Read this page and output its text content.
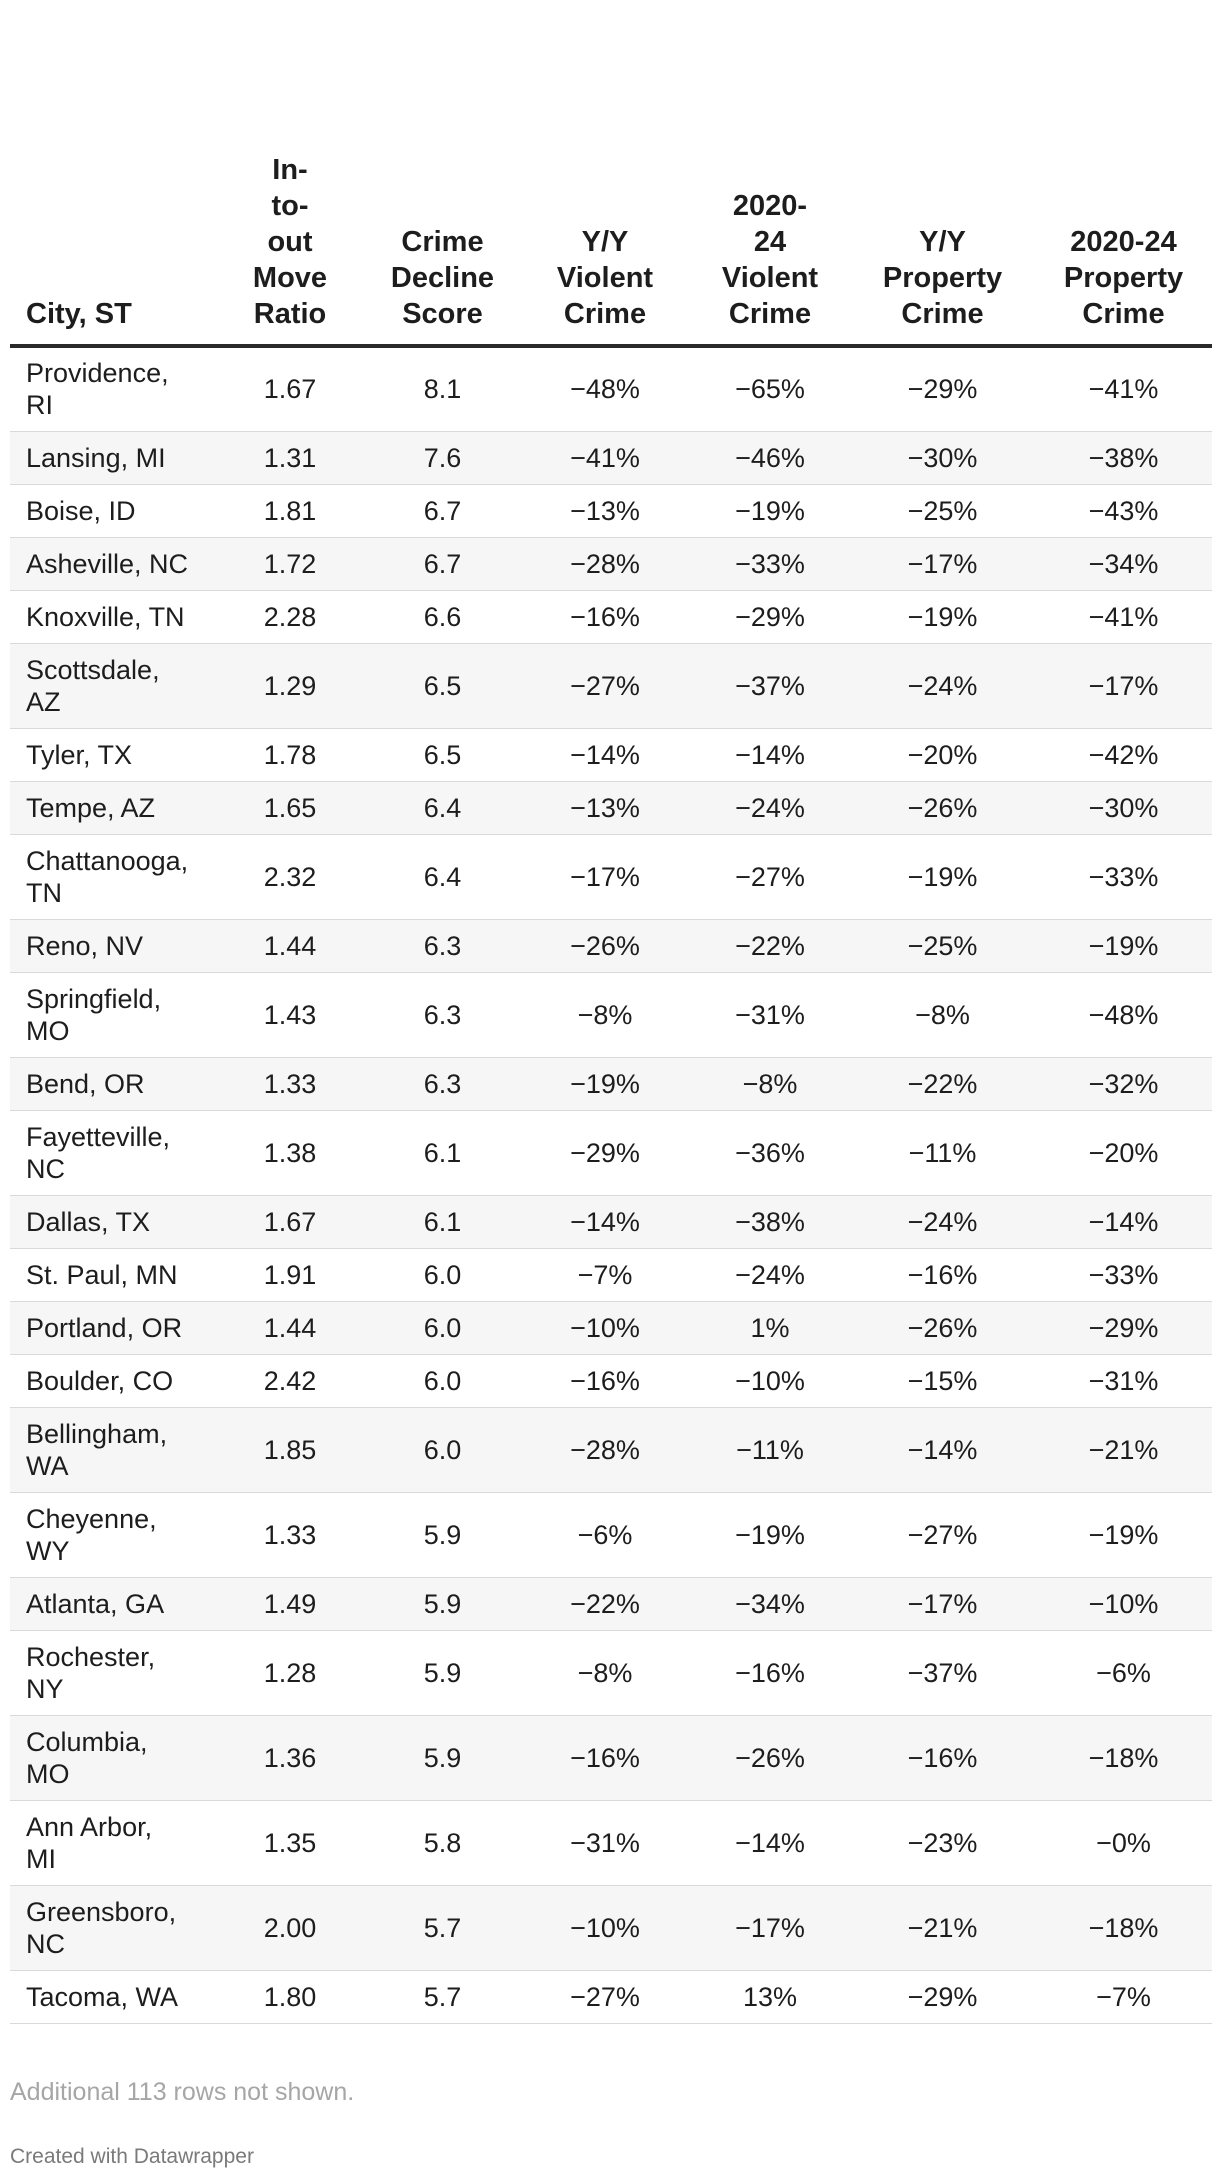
City, ST	In-
to-
out
Move
Ratio	Crime
Decline
Score	Y/Y
Violent
Crime	2020-
24
Violent
Crime	Y/Y
Property
Crime	2020-24
Property
Crime
Providence,
RI	1.67	8.1	−48%	−65%	−29%	−41%
Lansing, MI	1.31	7.6	−41%	−46%	−30%	−38%
Boise, ID	1.81	6.7	−13%	−19%	−25%	−43%
Asheville, NC	1.72	6.7	−28%	−33%	−17%	−34%
Knoxville, TN	2.28	6.6	−16%	−29%	−19%	−41%
Scottsdale,
AZ	1.29	6.5	−27%	−37%	−24%	−17%
Tyler, TX	1.78	6.5	−14%	−14%	−20%	−42%
Tempe, AZ	1.65	6.4	−13%	−24%	−26%	−30%
Chattanooga,
TN	2.32	6.4	−17%	−27%	−19%	−33%
Reno, NV	1.44	6.3	−26%	−22%	−25%	−19%
Springfield,
MO	1.43	6.3	−8%	−31%	−8%	−48%
Bend, OR	1.33	6.3	−19%	−8%	−22%	−32%
Fayetteville,
NC	1.38	6.1	−29%	−36%	−11%	−20%
Dallas, TX	1.67	6.1	−14%	−38%	−24%	−14%
St. Paul, MN	1.91	6.0	−7%	−24%	−16%	−33%
Portland, OR	1.44	6.0	−10%	1%	−26%	−29%
Boulder, CO	2.42	6.0	−16%	−10%	−15%	−31%
Bellingham,
WA	1.85	6.0	−28%	−11%	−14%	−21%
Cheyenne,
WY	1.33	5.9	−6%	−19%	−27%	−19%
Atlanta, GA	1.49	5.9	−22%	−34%	−17%	−10%
Rochester,
NY	1.28	5.9	−8%	−16%	−37%	−6%
Columbia,
MO	1.36	5.9	−16%	−26%	−16%	−18%
Ann Arbor,
MI	1.35	5.8	−31%	−14%	−23%	−0%
Greensboro,
NC	2.00	5.7	−10%	−17%	−21%	−18%
Tacoma, WA	1.80	5.7	−27%	13%	−29%	−7%
Additional 113 rows not shown.
Created with Datawrapper
